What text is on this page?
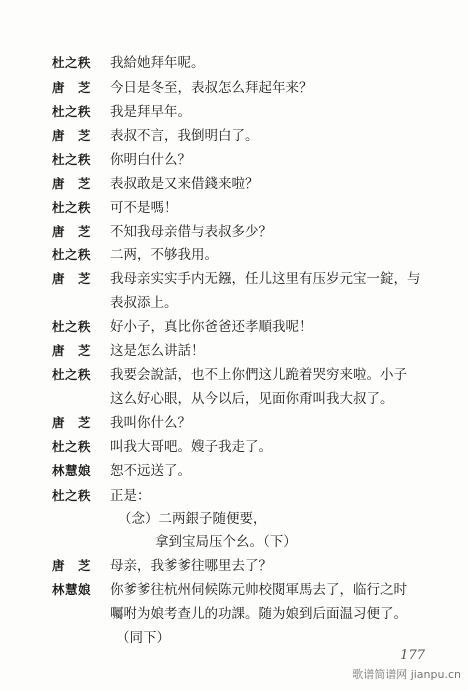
杜之秩	我給她拜年呢。
唐　芝	今日是冬至，表叔怎么拜起年来？
杜之秩	我是拜早年。
唐　芝	表叔不言，我倒明白了。
杜之秩	你明白什么？
唐　芝	表叔敢是又来借錢来啦？
杜之秩	可不是嗎！
唐　芝	不知我母亲借与表叔多少？
杜之秩	二两，不够我用。
唐　芝	我母亲实实手内无鏹，任儿这里有压岁元宝一錠，与
表叔添上。
杜之秩	好小子，真比你爸爸还孝順我呢！
唐　芝	这是怎么讲話！
杜之秩	我要会說話，也不上你們这儿跪着哭穷来啦。小子
这么好心眼，从今以后，见面你甭叫我大叔了。
唐　芝	我叫你什么？
杜之秩	叫我大哥吧。嫂子我走了。
林慧娘	恕不远送了。
杜之秩	正是：
（念）二两銀子随便要，
拿到宝局压个幺。（下）
唐　芝	母亲，我爹爹往哪里去了？
林慧娘	你爹爹往杭州伺候陈元帅校閱軍馬去了，临行之时
囑咐为娘考查儿的功課。随为娘到后面温习便了。
（同下）
177
歌谱简谱网 jianpu.cn
